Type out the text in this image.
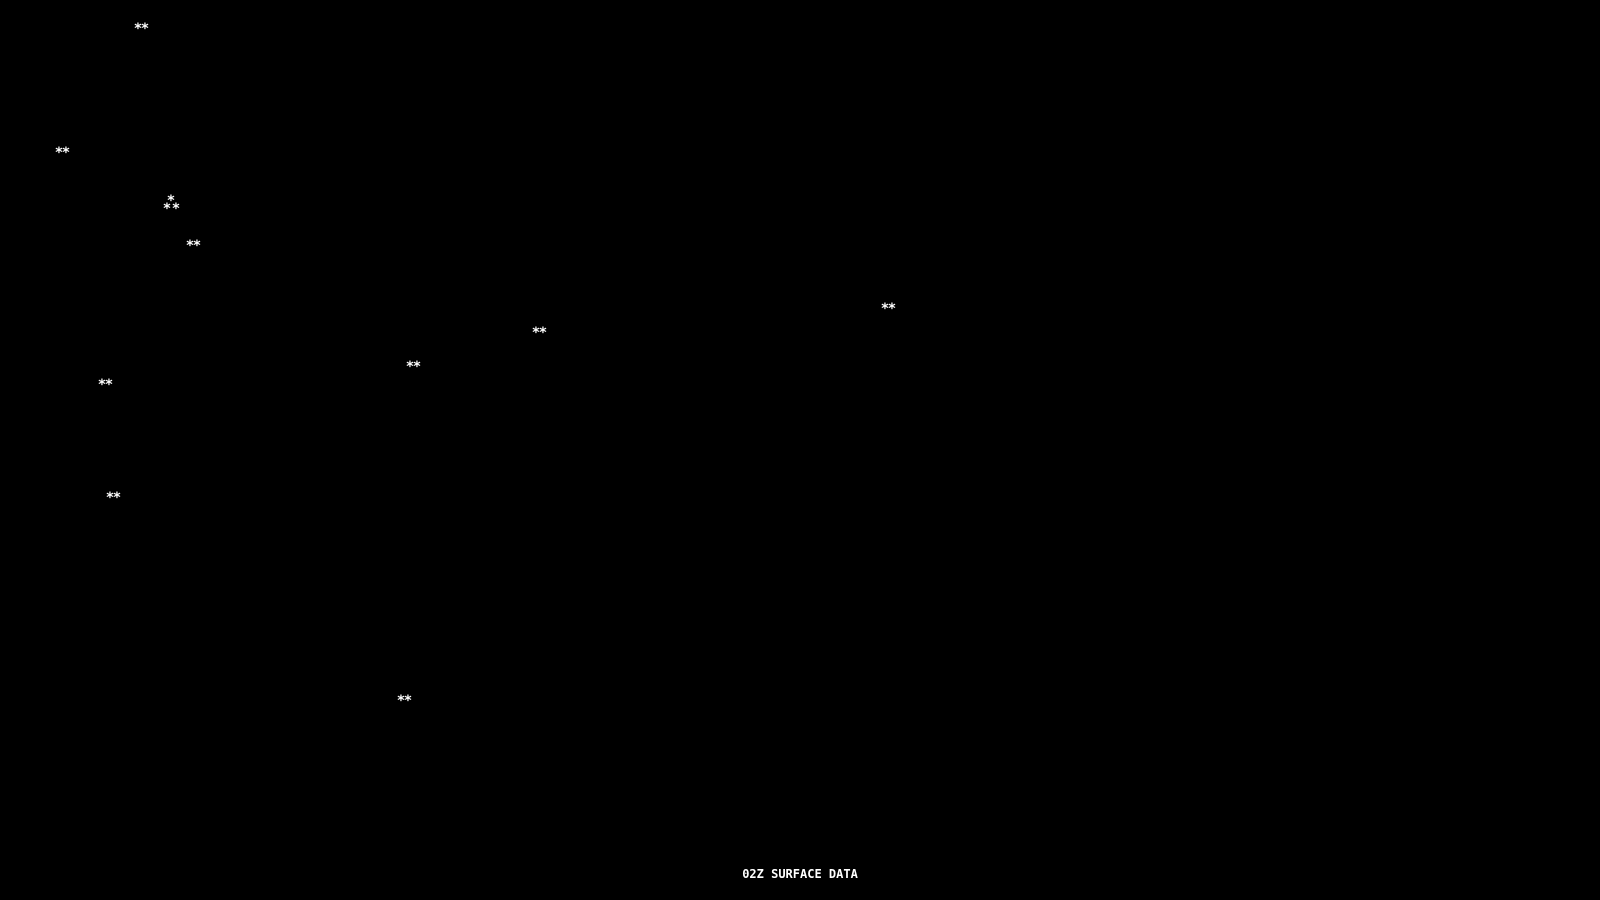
02Z SURFACE DATA
*
*
*
*
*
* *
*
*
*
*
*
*
*
*
*
*
*
*
*
*
